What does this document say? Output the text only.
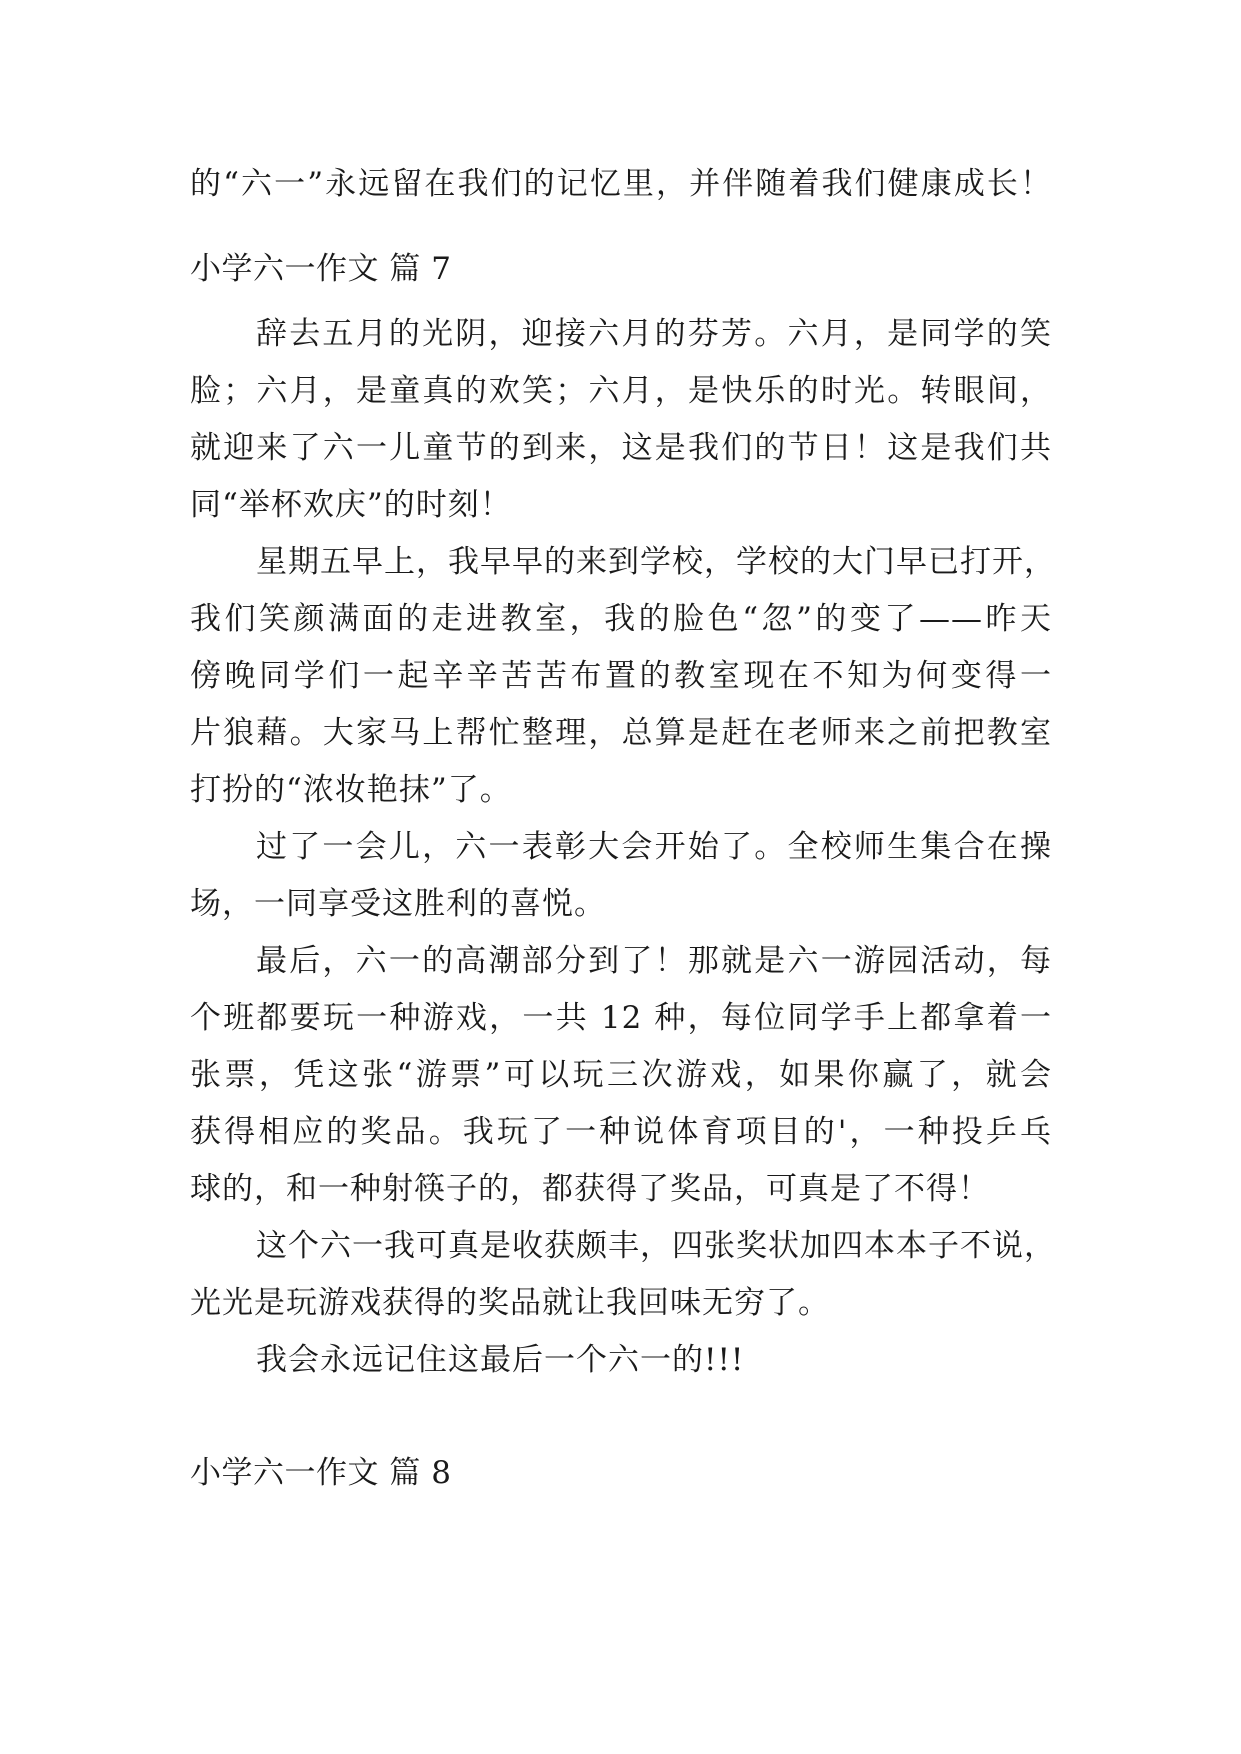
的“六一”永远留在我们的记忆里，并伴随着我们健康成长！
小学六一作文 篇 7
辞去五月的光阴，迎接六月的芬芳。六月，是同学的笑
脸；六月，是童真的欢笑；六月，是快乐的时光。转眼间，
就迎来了六一儿童节的到来，这是我们的节日！这是我们共
同“举杯欢庆”的时刻！
星期五早上，我早早的来到学校，学校的大门早已打开，
我们笑颜满面的走进教室，我的脸色“忽”的变了——昨天
傍晚同学们一起辛辛苦苦布置的教室现在不知为何变得一
片狼藉。大家马上帮忙整理，总算是赶在老师来之前把教室
打扮的“浓妆艳抹”了。
过了一会儿，六一表彰大会开始了。全校师生集合在操
场，一同享受这胜利的喜悦。
最后，六一的高潮部分到了！那就是六一游园活动，每
个班都要玩一种游戏，一共 12 种，每位同学手上都拿着一
张票，凭这张“游票”可以玩三次游戏，如果你赢了，就会
获得相应的奖品。我玩了一种说体育项目的'，一种投乒乓
球的，和一种射筷子的，都获得了奖品，可真是了不得！
这个六一我可真是收获颇丰，四张奖状加四本本子不说，
光光是玩游戏获得的奖品就让我回味无穷了。
我会永远记住这最后一个六一的!!!
小学六一作文 篇 8
